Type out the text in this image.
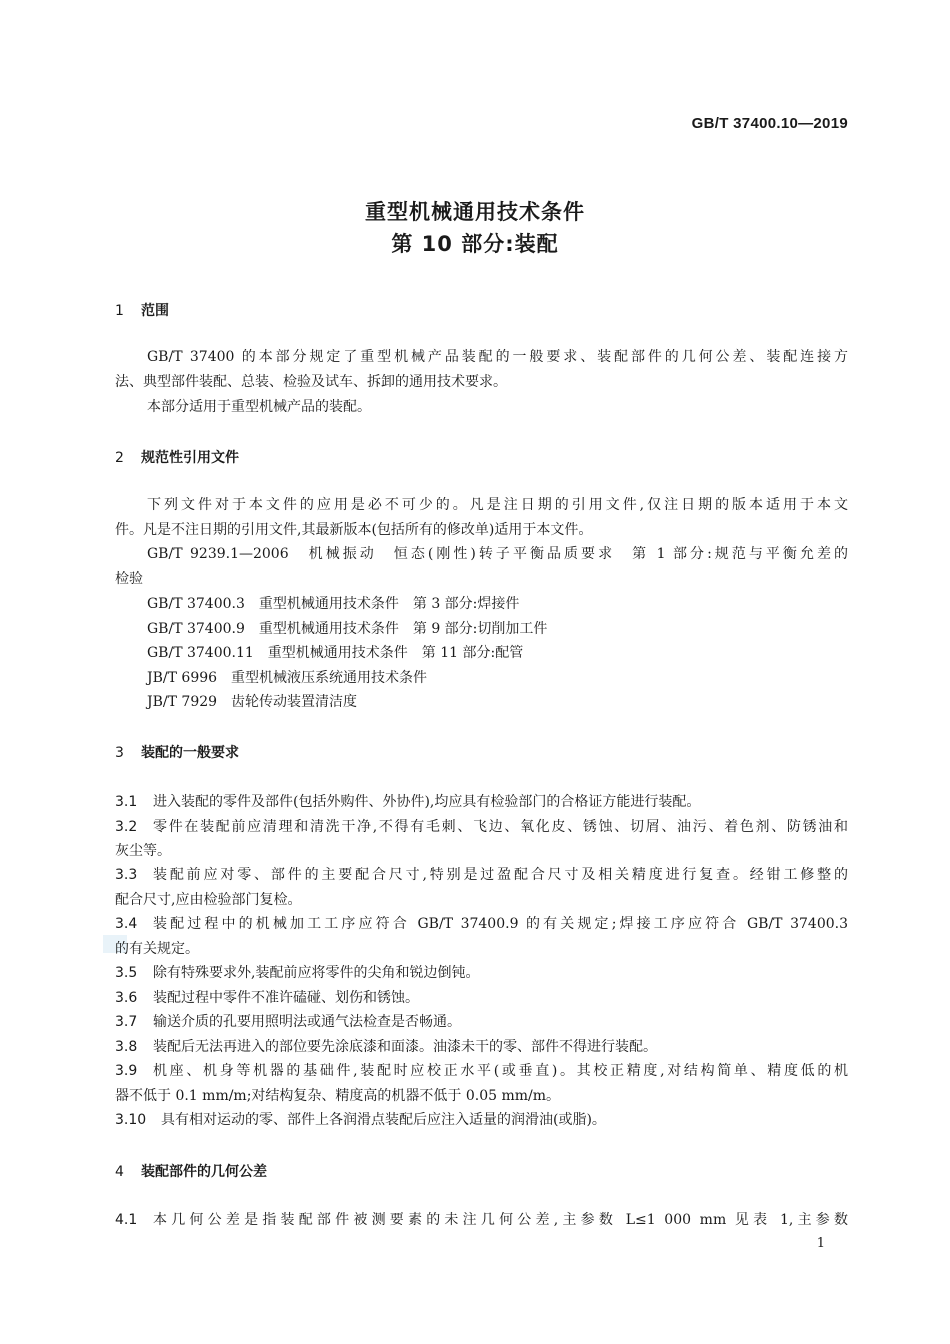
GB/T 37400.10—2019
重型机械通用技术条件
第 10 部分:装配
1 范围
GB/T 37400 的本部分规定了重型机械产品装配的一般要求、装配部件的几何公差、装配连接方
法、典型部件装配、总装、检验及试车、拆卸的通用技术要求。
本部分适用于重型机械产品的装配。
2 规范性引用文件
下列文件对于本文件的应用是必不可少的。凡是注日期的引用文件,仅注日期的版本适用于本文
件。凡是不注日期的引用文件,其最新版本(包括所有的修改单)适用于本文件。
GB/T 9239.1—2006　机械振动　恒态(刚性)转子平衡品质要求　第 1 部分:规范与平衡允差的
检验
GB/T 37400.3　重型机械通用技术条件　第 3 部分:焊接件
GB/T 37400.9　重型机械通用技术条件　第 9 部分:切削加工件
GB/T 37400.11　重型机械通用技术条件　第 11 部分:配管
JB/T 6996　重型机械液压系统通用技术条件
JB/T 7929　齿轮传动装置清洁度
3 装配的一般要求
3.1 进入装配的零件及部件(包括外购件、外协件),均应具有检验部门的合格证方能进行装配。
3.2 零件在装配前应清理和清洗干净,不得有毛刺、飞边、氧化皮、锈蚀、切屑、油污、着色剂、防锈油和
灰尘等。
3.3 装配前应对零、部件的主要配合尺寸,特别是过盈配合尺寸及相关精度进行复查。经钳工修整的
配合尺寸,应由检验部门复检。
3.4 装配过程中的机械加工工序应符合 GB/T 37400.9 的有关规定;焊接工序应符合 GB/T 37400.3
的有关规定。
3.5 除有特殊要求外,装配前应将零件的尖角和锐边倒钝。
3.6 装配过程中零件不准许磕碰、划伤和锈蚀。
3.7 输送介质的孔要用照明法或通气法检查是否畅通。
3.8 装配后无法再进入的部位要先涂底漆和面漆。油漆未干的零、部件不得进行装配。
3.9 机座、机身等机器的基础件,装配时应校正水平(或垂直)。其校正精度,对结构简单、精度低的机
器不低于 0.1 mm/m;对结构复杂、精度高的机器不低于 0.05 mm/m。
3.10 具有相对运动的零、部件上各润滑点装配后应注入适量的润滑油(或脂)。
4 装配部件的几何公差
4.1 本几何公差是指装配部件被测要素的未注几何公差,主参数 L≤1 000 mm 见表 1,主参数
1
